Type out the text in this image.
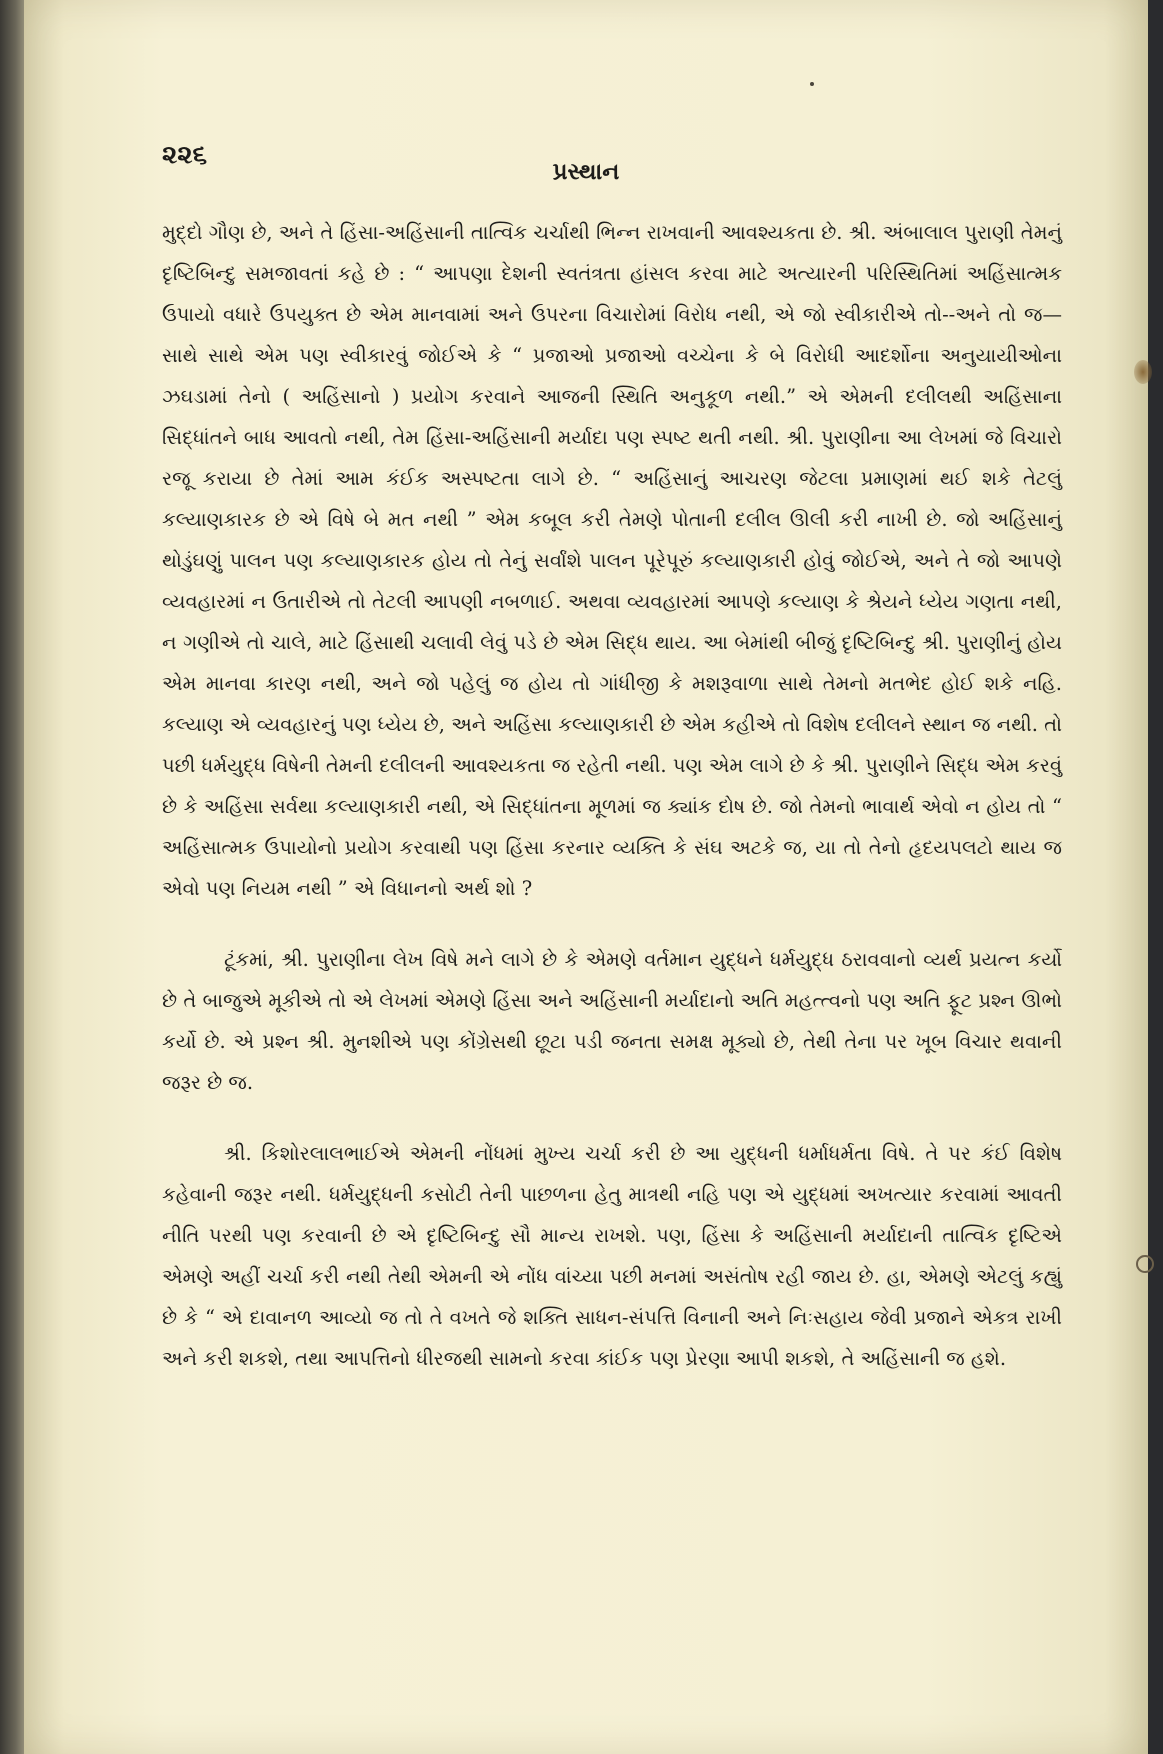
૨૨૬
પ્રસ્થાન

મુદ્દો ગૌણ છે, અને તે હિંસા-અહિંસાની તાત્વિક ચર્ચાથી ભિન્ન રાખવાની આવશ્યકતા છે. શ્રી. અંબાલાલ પુરાણી તેમનું દૃષ્ટિબિન્દુ સમજાવતાં કહે છે : “ આપણા દેશની સ્વતંત્રતા હાંસલ કરવા માટે અત્યારની પરિસ્થિતિમાં અહિંસાત્મક ઉપાયો વધારે ઉપયુક્ત છે એમ માનવામાં અને ઉપરના વિચારોમાં વિરોધ નથી, એ જો સ્વીકારીએ તો--અને તો જ—સાથે સાથે એમ પણ સ્વીકારવું જોઈએ કે “ પ્રજાઓ પ્રજાઓ વચ્ચેના કે બે વિરોધી આદર્શોના અનુયાયીઓના ઝઘડામાં તેનો ( અહિંસાનો ) પ્રયોગ કરવાને આજની સ્થિતિ અનુકૂળ નથી.” એ એમની દલીલથી અહિંસાના સિદ્ધાંતને બાધ આવતો નથી, તેમ હિંસા-અહિંસાની મર્યાદા પણ સ્પષ્ટ થતી નથી. શ્રી. પુરાણીના આ લેખમાં જે વિચારો રજૂ કરાયા છે તેમાં આમ કંઈક અસ્પષ્ટતા લાગે છે. “ અહિંસાનું આચરણ જેટલા પ્રમાણમાં થઈ શકે તેટલું કલ્યાણકારક છે એ વિષે બે મત નથી ” એમ કબૂલ કરી તેમણે પોતાની દલીલ ઊલી કરી નાખી છે. જો અહિંસાનું થોડુંઘણું પાલન પણ કલ્યાણકારક હોય તો તેનું સર્વાંશે પાલન પૂરેપૂરું કલ્યાણકારી હોવું જોઈએ, અને તે જો આપણે વ્યવહારમાં ન ઉતારીએ તો તેટલી આપણી નબળાઈ. અથવા વ્યવહારમાં આપણે કલ્યાણ કે શ્રેયને ધ્યેય ગણતા નથી, ન ગણીએ તો ચાલે, માટે હિંસાથી ચલાવી લેવું પડે છે એમ સિદ્ધ થાય. આ બેમાંથી બીજું દૃષ્ટિબિન્દુ શ્રી. પુરાણીનું હોય એમ માનવા કારણ નથી, અને જો પહેલું જ હોય તો ગાંધીજી કે મશરૂવાળા સાથે તેમનો મતભેદ હોઈ શકે નહિ. કલ્યાણ એ વ્યવહારનું પણ ધ્યેય છે, અને અહિંસા કલ્યાણકારી છે એમ કહીએ તો વિશેષ દલીલને સ્થાન જ નથી. તો પછી ધર્મયુદ્ધ વિષેની તેમની દલીલની આવશ્યકતા જ રહેતી નથી. પણ એમ લાગે છે કે શ્રી. પુરાણીને સિદ્ધ એમ કરવું છે કે અહિંસા સર્વથા કલ્યાણકારી નથી, એ સિદ્ધાંતના મૂળમાં જ ક્યાંક દોષ છે. જો તેમનો ભાવાર્થ એવો ન હોય તો “ અહિંસાત્મક ઉપાયોનો પ્રયોગ કરવાથી પણ હિંસા કરનાર વ્યક્તિ કે સંઘ અટકે જ, યા તો તેનો હૃદયપલટો થાય જ એવો પણ નિયમ નથી ” એ વિધાનનો અર્થ શો ?

ટૂંકમાં, શ્રી. પુરાણીના લેખ વિષે મને લાગે છે કે એમણે વર્તમાન યુદ્ધને ધર્મયુદ્ધ ઠરાવવાનો વ્યર્થ પ્રયત્ન કર્યો છે તે બાજુએ મૂકીએ તો એ લેખમાં એમણે હિંસા અને અહિંસાની મર્યાદાનો અતિ મહત્ત્વનો પણ અતિ ફૂટ પ્રશ્ન ઊભો કર્યો છે. એ પ્રશ્ન શ્રી. મુનશીએ પણ કોંગ્રેસથી છૂટા પડી જનતા સમક્ષ મૂક્યો છે, તેથી તેના પર ખૂબ વિચાર થવાની જરૂર છે જ.

શ્રી. કિશોરલાલભાઈએ એમની નોંધમાં મુખ્ય ચર્ચા કરી છે આ યુદ્ધની ધર્માધર્મતા વિષે. તે પર કંઈ વિશેષ કહેવાની જરૂર નથી. ધર્મયુદ્ધની કસોટી તેની પાછળના હેતુ માત્રથી નહિ પણ એ યુદ્ધમાં અખત્યાર કરવામાં આવતી નીતિ પરથી પણ કરવાની છે એ દૃષ્ટિબિન્દુ સૌ માન્ય રાખશે. પણ, હિંસા કે અહિંસાની મર્યાદાની તાત્વિક દૃષ્ટિએ એમણે અહીં ચર્ચા કરી નથી તેથી એમની એ નોંધ વાંચ્યા પછી મનમાં અસંતોષ રહી જાય છે. હા, એમણે એટલું કહ્યું છે કે “ એ દાવાનળ આવ્યો જ તો તે વખતે જે શક્તિ સાધન-સંપત્તિ વિનાની અને નિઃસહાય જેવી પ્રજાને એકત્ર રાખી અને કરી શકશે, તથા આપત્તિનો ધીરજથી સામનો કરવા કાંઈક પણ પ્રેરણા આપી શકશે, તે અહિંસાની જ હશે.
